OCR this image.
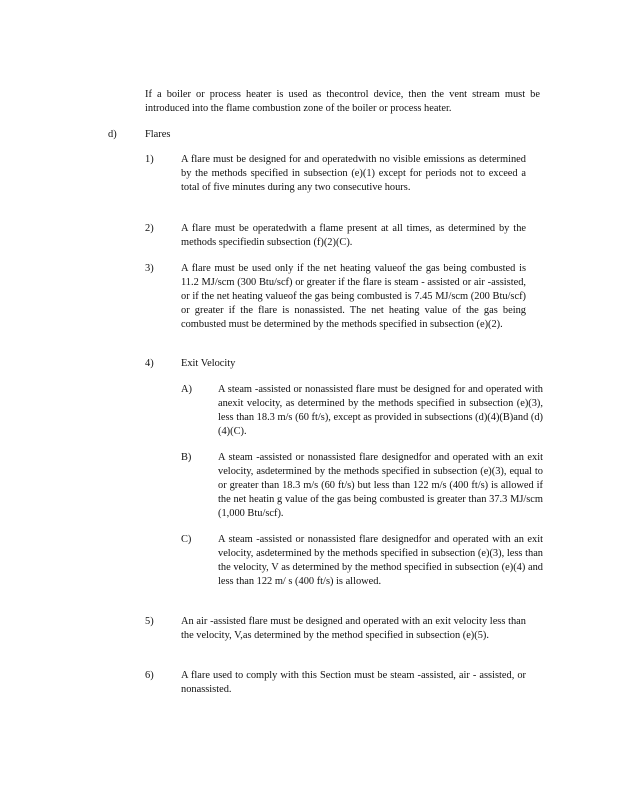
If a boiler or process heater is used as thecontrol device, then the vent stream must be introduced into the flame combustion zone of the boiler or process heater.
d)	Flares
1)	A flare must be designed for and operatedwith no visible emissions as determined by the methods specified in subsection (e)(1) except for periods not to exceed a total of five minutes during any two consecutive hours.
2)	A flare must be operatedwith a flame present at all times, as determined by the methods specifiedin subsection (f)(2)(C).
3)	A flare must be used only if the net heating valueof the gas being combusted is 11.2 MJ/scm (300 Btu/scf) or greater if the flare is steam - assisted or air -assisted, or if the net heating valueof the gas being combusted is 7.45 MJ/scm (200 Btu/scf) or greater if the flare is nonassisted. The net heating value of the gas being combusted must be determined by the methods specified in subsection (e)(2).
4)	Exit Velocity
A)	A steam -assisted or nonassisted flare must be designed for and operated with anexit velocity, as determined by the methods specified in subsection (e)(3), less than 18.3 m/s (60 ft/s), except as provided in subsections (d)(4)(B)and (d)(4)(C).
B)	A steam -assisted or nonassisted flare designedfor and operated with an exit velocity, asdetermined by the methods specified in subsection (e)(3), equal to or greater than 18.3 m/s (60 ft/s) but less than 122 m/s (400 ft/s) is allowed if the net heatin g value of the gas being combusted is greater than 37.3 MJ/scm (1,000 Btu/scf).
C)	A steam -assisted or nonassisted flare designedfor and operated with an exit velocity, asdetermined by the methods specified in subsection (e)(3), less than the velocity, V as determined by the method specified in subsection (e)(4) and less than 122 m/ s (400 ft/s) is allowed.
5)	An air -assisted flare must be designed and operated with an exit velocity less than the velocity, V,as determined by the method specified in subsection (e)(5).
6)	A flare used to comply with this Section must be steam -assisted, air - assisted, or nonassisted.
